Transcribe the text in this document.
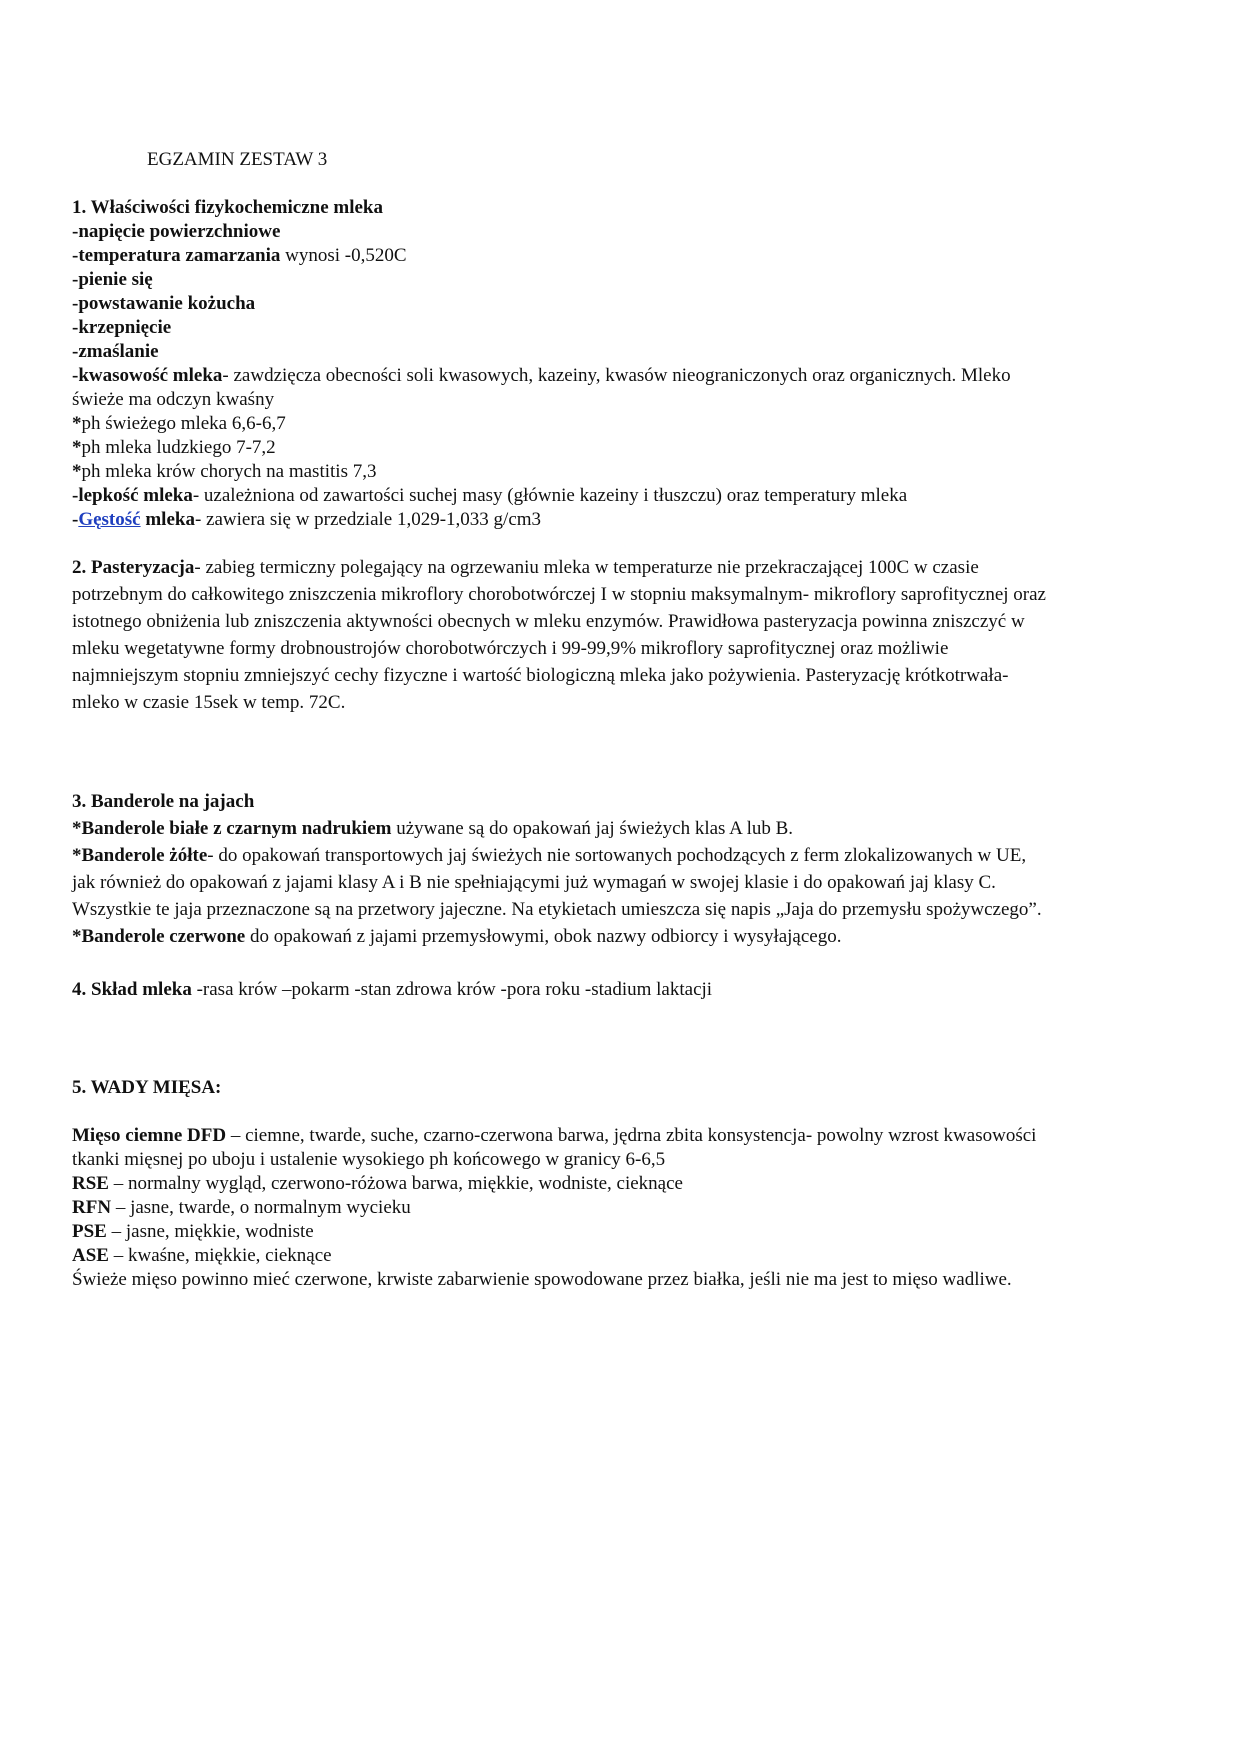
EGZAMIN ZESTAW 3
1. Właściwości fizykochemiczne mleka
-napięcie powierzchniowe
-temperatura zamarzania wynosi -0,520C
-pienie się
-powstawanie kożucha
-krzepnięcie
-zmaślanie
-kwasowość mleka- zawdzięcza obecności soli kwasowych, kazeiny, kwasów nieograniczonych oraz organicznych. Mleko
świeże ma odczyn kwaśny
*ph świeżego mleka 6,6-6,7
*ph mleka ludzkiego 7-7,2
*ph mleka krów chorych na mastitis 7,3
-lepkość mleka- uzależniona od zawartości suchej masy (głównie kazeiny i tłuszczu) oraz temperatury mleka
-Gęstość mleka- zawiera się w przedziale 1,029-1,033 g/cm3
2. Pasteryzacja- zabieg termiczny polegający na ogrzewaniu mleka w temperaturze nie przekraczającej 100C w czasie
potrzebnym do całkowitego zniszczenia mikroflory chorobotwórczej I w stopniu maksymalnym- mikroflory saprofitycznej oraz
istotnego obniżenia lub zniszczenia aktywności obecnych w mleku enzymów. Prawidłowa pasteryzacja powinna zniszczyć w
mleku wegetatywne formy drobnoustrojów chorobotwórczych i 99-99,9% mikroflory saprofitycznej oraz możliwie
najmniejszym stopniu zmniejszyć cechy fizyczne i wartość biologiczną mleka jako pożywienia. Pasteryzację krótkotrwała-
mleko w czasie 15sek w temp. 72C.
3. Banderole na jajach
*Banderole białe z czarnym nadrukiem używane są do opakowań jaj świeżych klas A lub B.
*Banderole żółte- do opakowań transportowych jaj świeżych nie sortowanych pochodzących z ferm zlokalizowanych w UE,
jak również do opakowań z jajami klasy A i B nie spełniającymi już wymagań w swojej klasie i do opakowań jaj klasy C.
Wszystkie te jaja przeznaczone są na przetwory jajeczne. Na etykietach umieszcza się napis „Jaja do przemysłu spożywczego”.
*Banderole czerwone do opakowań z jajami przemysłowymi, obok nazwy odbiorcy i wysyłającego.
4. Skład mleka -rasa krów –pokarm -stan zdrowa krów -pora roku -stadium laktacji
5. WADY MIĘSA:
Mięso ciemne DFD – ciemne, twarde, suche, czarno-czerwona barwa, jędrna zbita konsystencja- powolny wzrost kwasowości
tkanki mięsnej po uboju i ustalenie wysokiego ph końcowego w granicy 6-6,5
RSE – normalny wygląd, czerwono-różowa barwa, miękkie, wodniste, cieknące
RFN – jasne, twarde, o normalnym wycieku
PSE – jasne, miękkie, wodniste
ASE – kwaśne, miękkie, cieknące
Świeże mięso powinno mieć czerwone, krwiste zabarwienie spowodowane przez białka, jeśli nie ma jest to mięso wadliwe.
